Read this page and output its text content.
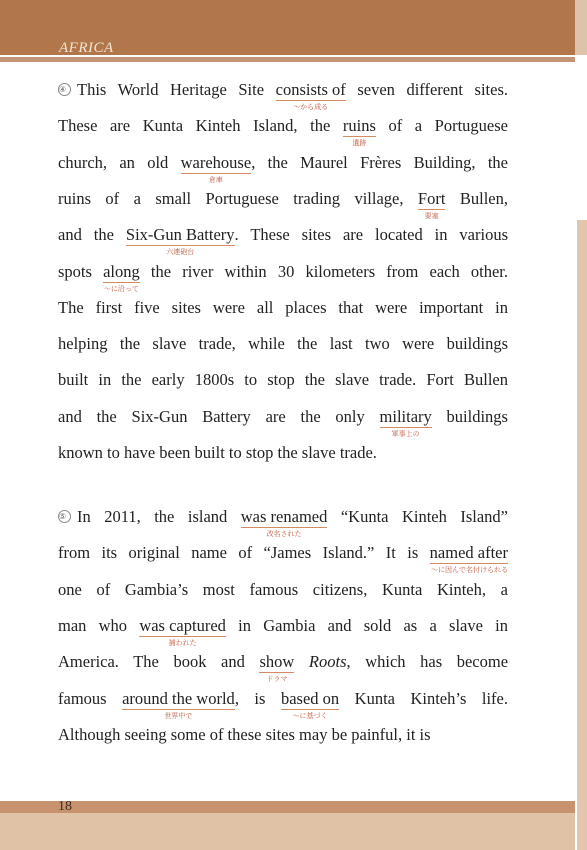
AFRICA
④ This World Heritage Site consists of
〜から成る
seven different sites.
These are Kunta Kinteh Island, the ruins
遺跡
of a Portuguese
church, an old warehouse
倉庫
, the Maurel Frères Building, the
ruins of a small Portuguese trading village, Fort
要塞
Bullen,
and the Six-Gun Battery
六連砲台
. These sites are located in various
spots along
〜に沿って
the river within 30 kilometers from each other.
The first five sites were all places that were important in
helping the slave trade, while the last two were buildings
built in the early 1800s to stop the slave trade. Fort Bullen
and the Six-Gun Battery are the only military
軍事上の
buildings
known to have been built to stop the slave trade.
⑤ In 2011, the island was renamed
改名された
“Kunta Kinteh Island”
from its original name of “James Island.” It is named after
〜に因んで名付けられる
one of Gambia’s most famous citizens, Kunta Kinteh, a
man who was captured
捕われた
in Gambia and sold as a slave in
America. The book and show
ドラマ
Roots, which has become
famous around the world
世界中で
, is based on
〜に基づく
Kunta Kinteh’s life.
Although seeing some of these sites may be painful, it is
18
